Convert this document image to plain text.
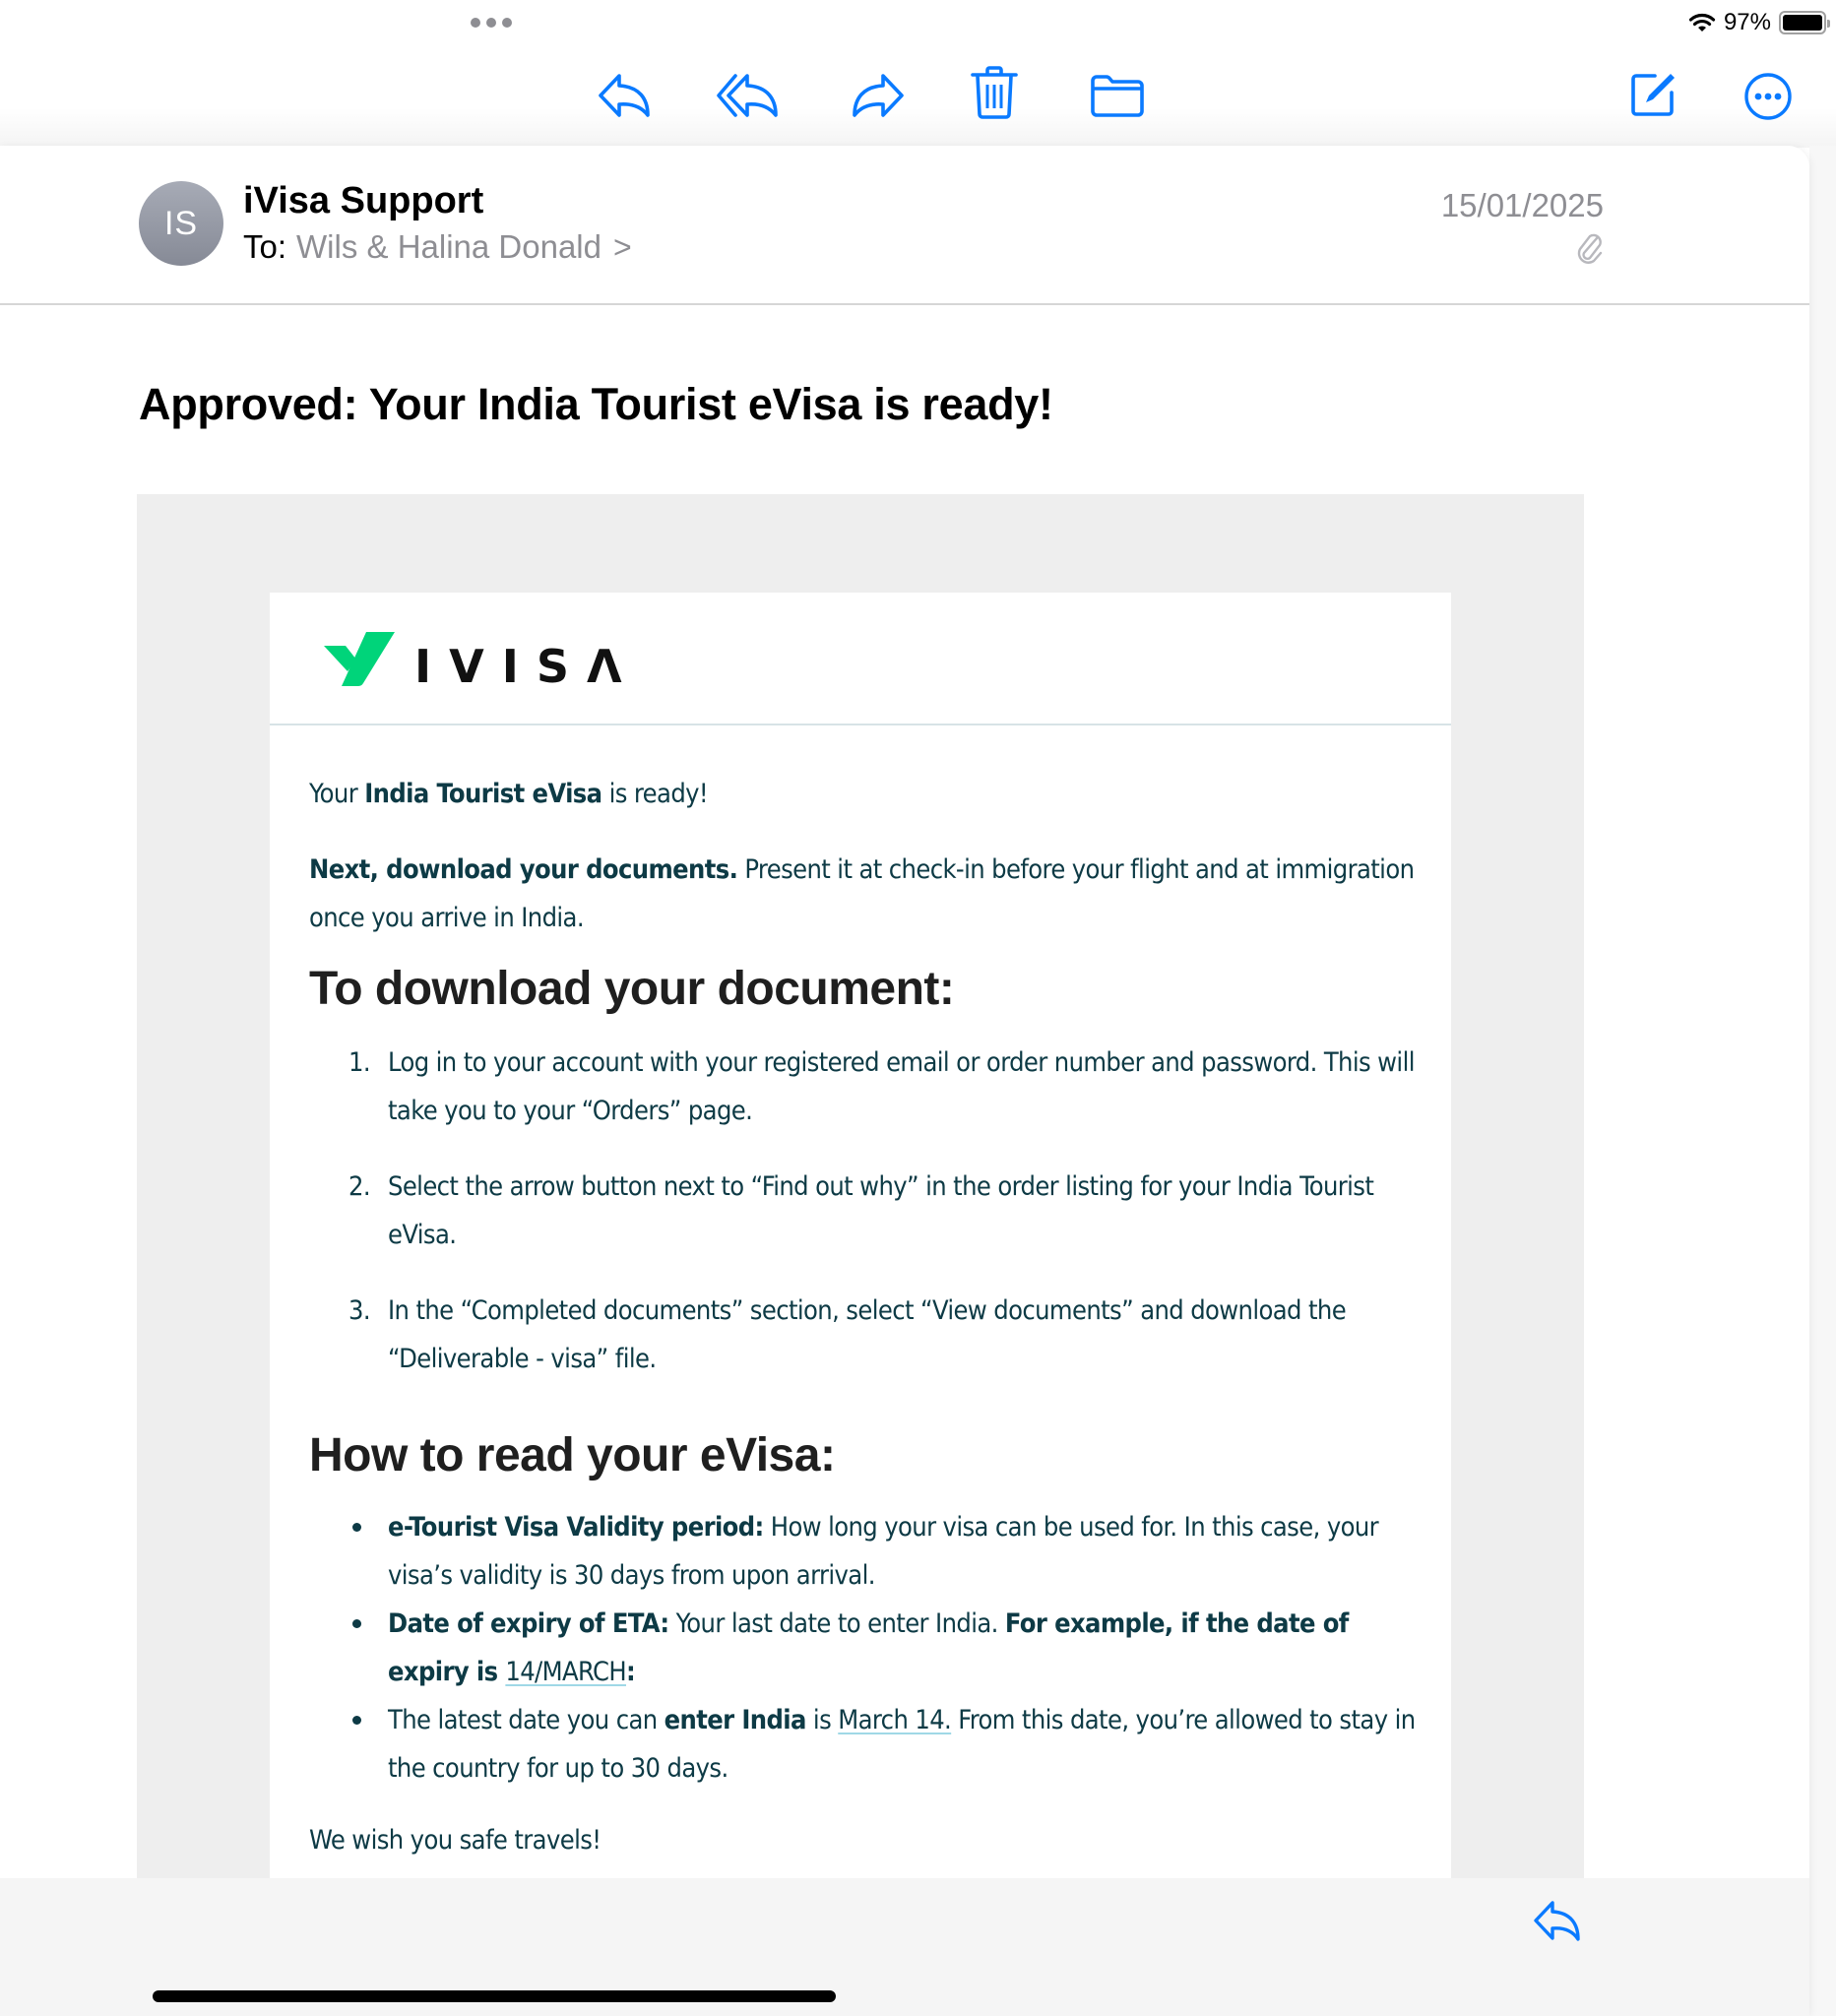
97%
IS
iVisa Support
To: Wils & Halina Donald >
15/01/2025
Approved: Your India Tourist eVisa is ready!
IVISΛ

Your India Tourist eVisa is ready!

Next, download your documents. Present it at check-in before your flight and at immigration once you arrive in India.

To download your document:
1. Log in to your account with your registered email or order number and password. This will take you to your “Orders” page.
2. Select the arrow button next to “Find out why” in the order listing for your India Tourist eVisa.
3. In the “Completed documents” section, select “View documents” and download the “Deliverable - visa” file.
How to read your eVisa:
e-Tourist Visa Validity period: How long your visa can be used for. In this case, your visa’s validity is 30 days from upon arrival.
Date of expiry of ETA: Your last date to enter India. For example, if the date of expiry is 14/MARCH:
The latest date you can enter India is March 14. From this date, you’re allowed to stay in the country for up to 30 days.

We wish you safe travels!
